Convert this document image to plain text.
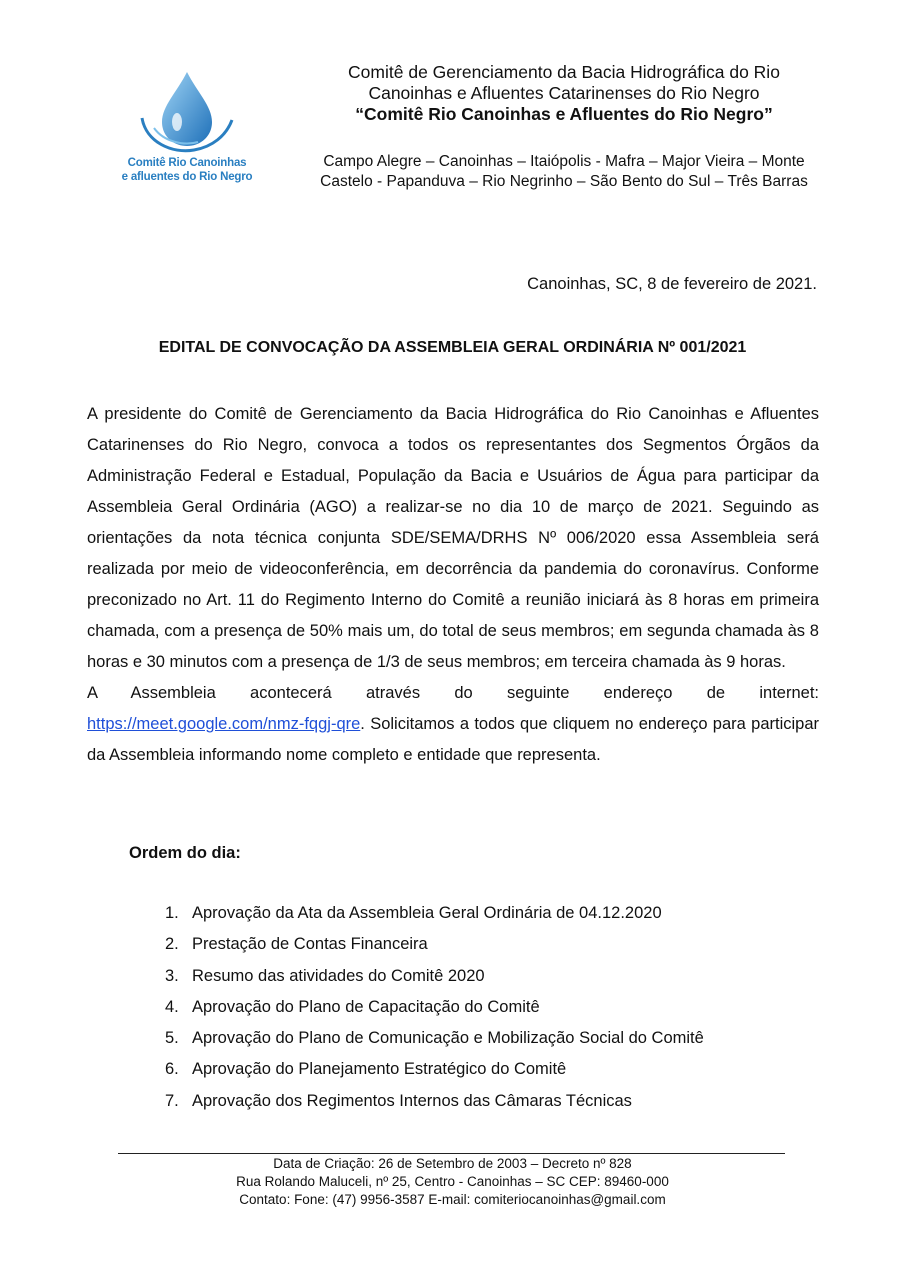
Comitê Rio Canoinhas
e afluentes do Rio Negro
Comitê de Gerenciamento da Bacia Hidrográfica do Rio
Canoinhas e Afluentes Catarinenses do Rio Negro
“Comitê Rio Canoinhas e Afluentes do Rio Negro”
Campo Alegre – Canoinhas – Itaiópolis - Mafra – Major Vieira – Monte
Castelo - Papanduva – Rio Negrinho – São Bento do Sul – Três Barras
Canoinhas, SC, 8 de fevereiro de 2021.
EDITAL DE CONVOCAÇÃO DA ASSEMBLEIA GERAL ORDINÁRIA Nº 001/2021

A presidente do Comitê de Gerenciamento da Bacia Hidrográfica do Rio Canoinhas e Afluentes Catarinenses do Rio Negro, convoca a todos os representantes dos Segmentos Órgãos da Administração Federal e Estadual, População da Bacia e Usuários de Água para participar da Assembleia Geral Ordinária (AGO) a realizar-se no dia 10 de março de 2021. Seguindo as orientações da nota técnica conjunta SDE/SEMA/DRHS Nº 006/2020 essa Assembleia será realizada por meio de videoconferência, em decorrência da pandemia do coronavírus. Conforme preconizado no Art. 11 do Regimento Interno do Comitê a reunião iniciará às 8 horas em primeira chamada, com a presença de 50% mais um, do total de seus membros; em segunda chamada às 8 horas e 30 minutos com a presença de 1/3 de seus membros; em terceira chamada às 9 horas.

A Assembleia acontecerá através do seguinte endereço de internet:

https://meet.google.com/nmz-fqgj-qre. Solicitamos a todos que cliquem no endereço para participar da Assembleia informando nome completo e entidade que representa.

Ordem do dia:
1. Aprovação da Ata da Assembleia Geral Ordinária de 04.12.2020
2. Prestação de Contas Financeira
3. Resumo das atividades do Comitê 2020
4. Aprovação do Plano de Capacitação do Comitê
5. Aprovação do Plano de Comunicação e Mobilização Social do Comitê
6. Aprovação do Planejamento Estratégico do Comitê
7. Aprovação dos Regimentos Internos das Câmaras Técnicas
Data de Criação: 26 de Setembro de 2003 – Decreto nº 828
Rua Rolando Maluceli, nº 25, Centro - Canoinhas – SC CEP: 89460-000
Contato: Fone: (47) 9956-3587 E-mail: comiteriocanoinhas@gmail.com
